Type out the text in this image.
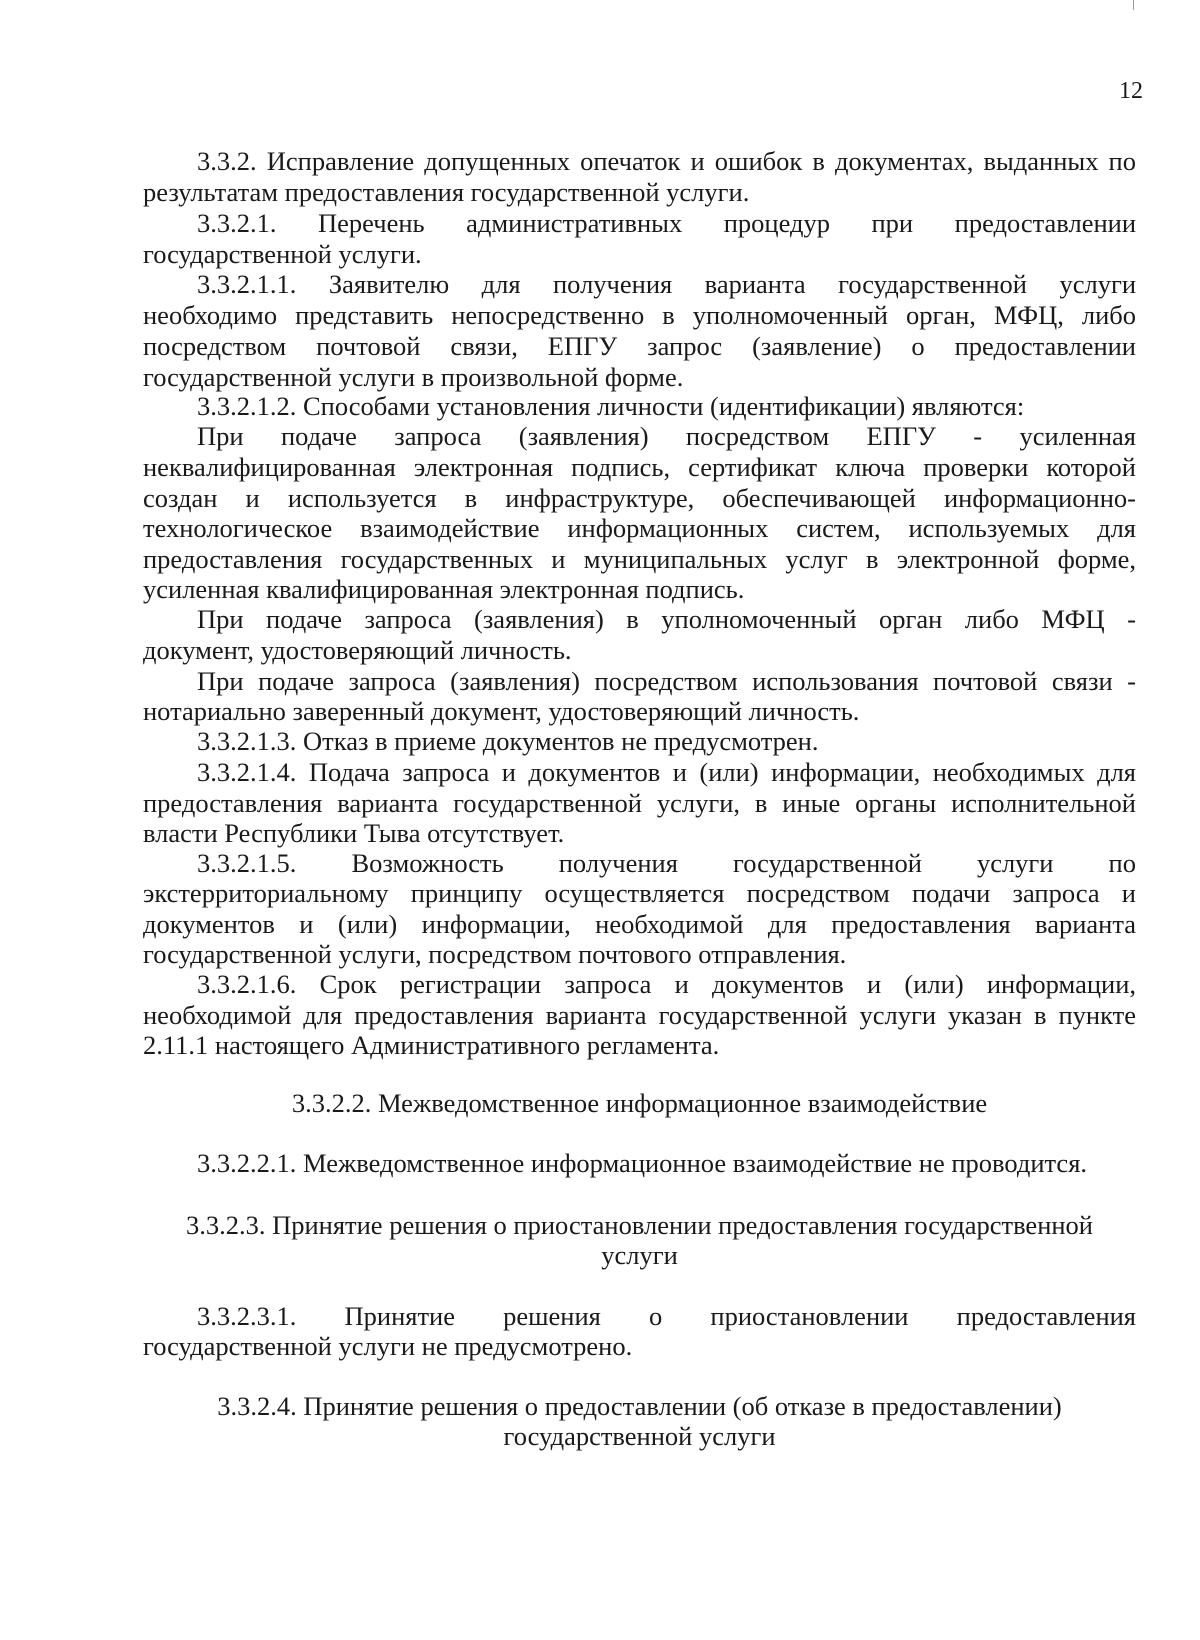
12
3.3.2. Исправление допущенных опечаток и ошибок в документах, выданных по
результатам предоставления государственной услуги.
3.3.2.1. Перечень административных процедур при предоставлении
государственной услуги.
3.3.2.1.1. Заявителю для получения варианта государственной услуги
необходимо представить непосредственно в уполномоченный орган, МФЦ, либо
посредством почтовой связи, ЕПГУ запрос (заявление) о предоставлении
государственной услуги в произвольной форме.
3.3.2.1.2. Способами установления личности (идентификации) являются:
При подаче запроса (заявления) посредством ЕПГУ - усиленная
неквалифицированная электронная подпись, сертификат ключа проверки которой
создан и используется в инфраструктуре, обеспечивающей информационно-
технологическое взаимодействие информационных систем, используемых для
предоставления государственных и муниципальных услуг в электронной форме,
усиленная квалифицированная электронная подпись.
При подаче запроса (заявления) в уполномоченный орган либо МФЦ -
документ, удостоверяющий личность.
При подаче запроса (заявления) посредством использования почтовой связи -
нотариально заверенный документ, удостоверяющий личность.
3.3.2.1.3. Отказ в приеме документов не предусмотрен.
3.3.2.1.4. Подача запроса и документов и (или) информации, необходимых для
предоставления варианта государственной услуги, в иные органы исполнительной
власти Республики Тыва отсутствует.
3.3.2.1.5. Возможность получения государственной услуги по
экстерриториальному принципу осуществляется посредством подачи запроса и
документов и (или) информации, необходимой для предоставления варианта
государственной услуги, посредством почтового отправления.
3.3.2.1.6. Срок регистрации запроса и документов и (или) информации,
необходимой для предоставления варианта государственной услуги указан в пункте
2.11.1 настоящего Административного регламента.
3.3.2.2. Межведомственное информационное взаимодействие
3.3.2.2.1. Межведомственное информационное взаимодействие не проводится.
3.3.2.3. Принятие решения о приостановлении предоставления государственной
услуги
3.3.2.3.1. Принятие решения о приостановлении предоставления
государственной услуги не предусмотрено.
3.3.2.4. Принятие решения о предоставлении (об отказе в предоставлении)
государственной услуги
